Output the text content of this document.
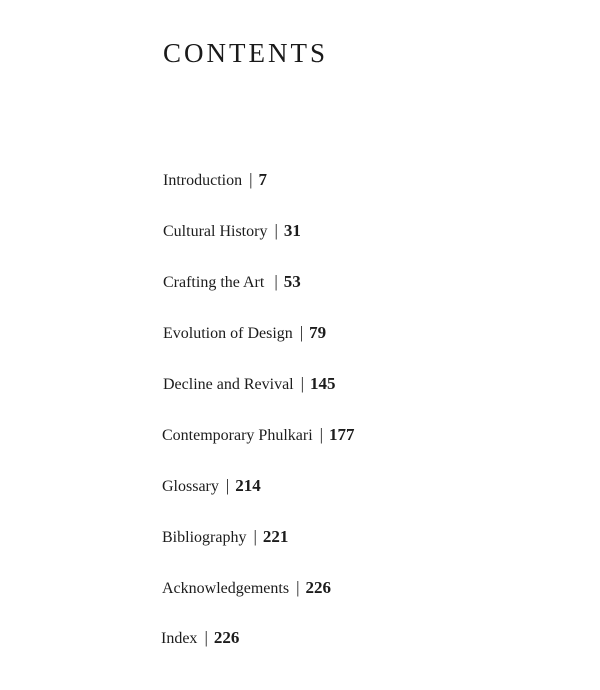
CONTENTS
Introduction | 7
Cultural History | 31
Crafting the Art | 53
Evolution of Design | 79
Decline and Revival | 145
Contemporary Phulkari | 177
Glossary | 214
Bibliography | 221
Acknowledgements | 226
Index | 226
